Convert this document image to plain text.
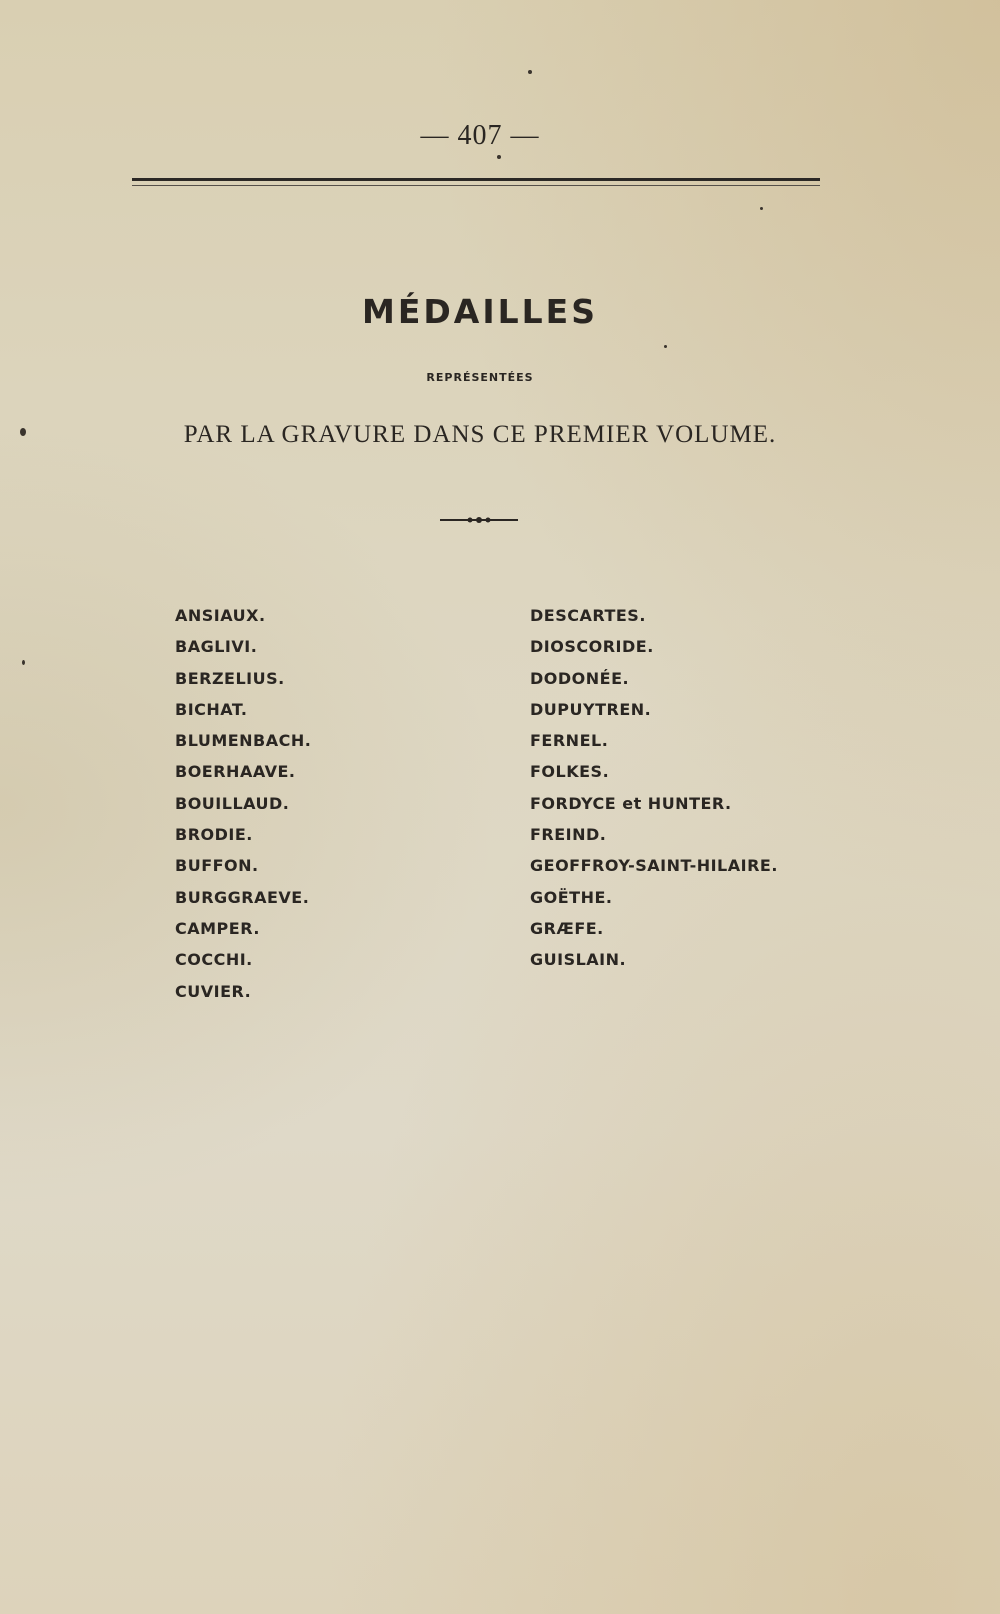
— 407 —
MÉDAILLES
REPRÉSENTÉES
PAR LA GRAVURE DANS CE PREMIER VOLUME.
ANSIAUX.
BAGLIVI.
BERZELIUS.
BICHAT.
BLUMENBACH.
BOERHAAVE.
BOUILLAUD.
BRODIE.
BUFFON.
BURGGRAEVE.
CAMPER.
COCCHI.
CUVIER.
DESCARTES.
DIOSCORIDE.
DODONÉE.
DUPUYTREN.
FERNEL.
FOLKES.
FORDYCE et HUNTER.
FREIND.
GEOFFROY-SAINT-HILAIRE.
GOËTHE.
GRÆFE.
GUISLAIN.
